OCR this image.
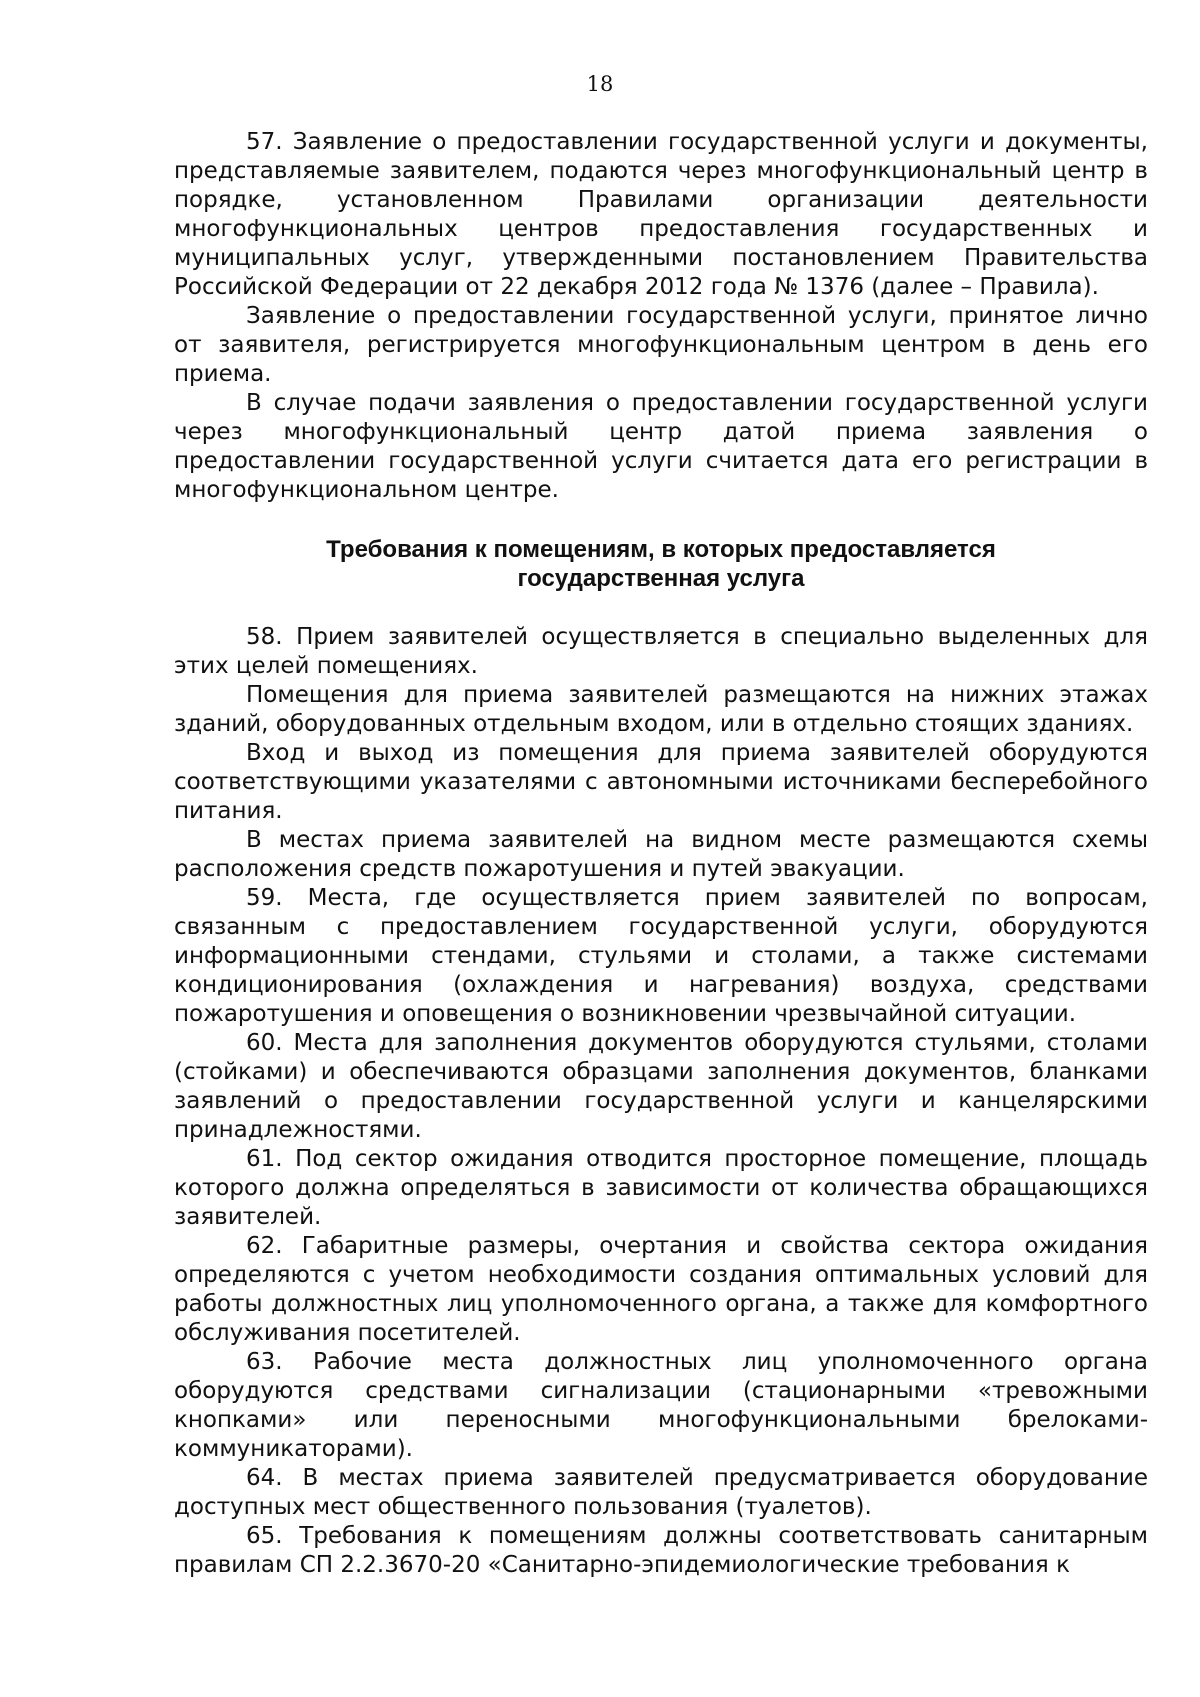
18

57. Заявление о предоставлении государственной услуги и документы, представляемые заявителем, подаются через многофункциональный центр в порядке, установленном Правилами организации деятельности многофункциональных центров предоставления государственных и муниципальных услуг, утвержденными постановлением Правительства Российской Федерации от 22 декабря 2012 года № 1376 (далее – Правила).

Заявление о предоставлении государственной услуги, принятое лично от заявителя, регистрируется многофункциональным центром в день его приема.

В случае подачи заявления о предоставлении государственной услуги через многофункциональный центр датой приема заявления о предоставлении государственной услуги считается дата его регистрации в многофункциональном центре.

Требования к помещениям, в которых предоставляется
государственная услуга

58. Прием заявителей осуществляется в специально выделенных для этих целей помещениях.

Помещения для приема заявителей размещаются на нижних этажах зданий, оборудованных отдельным входом, или в отдельно стоящих зданиях.

Вход и выход из помещения для приема заявителей оборудуются соответствующими указателями с автономными источниками бесперебойного питания.

В местах приема заявителей на видном месте размещаются схемы расположения средств пожаротушения и путей эвакуации.

59. Места, где осуществляется прием заявителей по вопросам, связанным с предоставлением государственной услуги, оборудуются информационными стендами, стульями и столами, а также системами кондиционирования (охлаждения и нагревания) воздуха, средствами пожаротушения и оповещения о возникновении чрезвычайной ситуации.

60. Места для заполнения документов оборудуются стульями, столами (стойками) и обеспечиваются образцами заполнения документов, бланками заявлений о предоставлении государственной услуги и канцелярскими принадлежностями.

61. Под сектор ожидания отводится просторное помещение, площадь которого должна определяться в зависимости от количества обращающихся заявителей.

62. Габаритные размеры, очертания и свойства сектора ожидания определяются с учетом необходимости создания оптимальных условий для работы должностных лиц уполномоченного органа, а также для комфортного обслуживания посетителей.

63. Рабочие места должностных лиц уполномоченного органа оборудуются средствами сигнализации (стационарными «тревожными кнопками» или переносными многофункциональными брелоками-коммуникаторами).

64. В местах приема заявителей предусматривается оборудование доступных мест общественного пользования (туалетов).

65. Требования к помещениям должны соответствовать санитарным правилам СП 2.2.3670-20 «Санитарно-эпидемиологические требования к
